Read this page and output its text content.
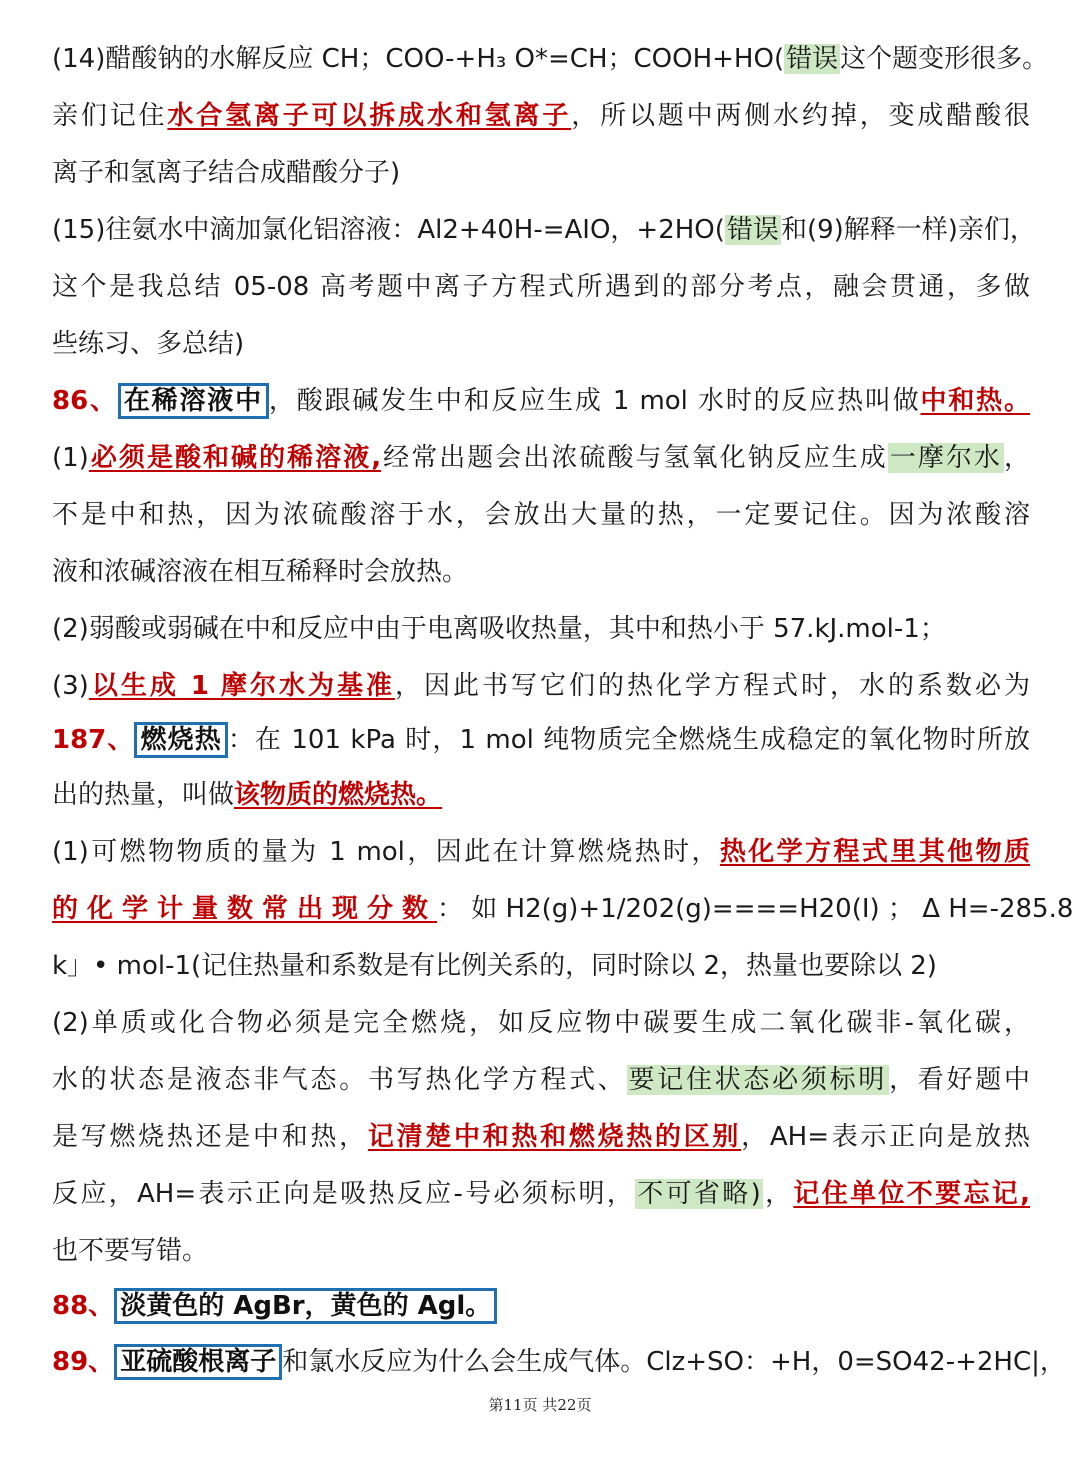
(14)醋酸钠的水解反应 CH；COO-+H₃ O*=CH；COOH+HO(错误这个题变形很多。
亲们记住水合氢离子可以拆成水和氢离子，所以题中两侧水约掉，变成醋酸很
离子和氢离子结合成醋酸分子)
(15)往氨水中滴加氯化铝溶液：Al2+40H-=AIO，+2HO(错误和(9)解释一样)亲们，
这个是我总结 05-08 高考题中离子方程式所遇到的部分考点，融会贯通，多做
些练习、多总结)
86、 在稀溶液中 ，酸跟碱发生中和反应生成 1 mol 水时的反应热叫做中和热。
(1)必须是酸和碱的稀溶液,经常出题会出浓硫酸与氢氧化钠反应生成一摩尔水，
不是中和热，因为浓硫酸溶于水，会放出大量的热，一定要记住。因为浓酸溶
液和浓碱溶液在相互稀释时会放热。
(2)弱酸或弱碱在中和反应中由于电离吸收热量，其中和热小于 57.kJ.mol-1；
(3)以生成 1 摩尔水为基准，因此书写它们的热化学方程式时，水的系数必为
187、 燃烧热 ：在 101 kPa 时，1 mol 纯物质完全燃烧生成稳定的氧化物时所放
出的热量，叫做该物质的燃烧热。
(1)可燃物物质的量为 1 mol，因此在计算燃烧热时，热化学方程式里其他物质
的化学计量数常出现分数： 如 H2(g)+1/202(g)====H20(I) ； Δ H=-285.8
k」• mol-1(记住热量和系数是有比例关系的，同时除以 2，热量也要除以 2)
(2)单质或化合物必须是完全燃烧，如反应物中碳要生成二氧化碳非-氧化碳，
水的状态是液态非气态。书写热化学方程式、要记住状态必须标明，看好题中
是写燃烧热还是中和热，记清楚中和热和燃烧热的区别，AH=表示正向是放热
反应，AH=表示正向是吸热反应-号必须标明，不可省略)，记住单位不要忘记,
也不要写错。
88、 淡黄色的 AgBr，黄色的 Agl。
89、 亚硫酸根离子 和氯水反应为什么会生成气体。Clz+SO：+H，0=SO42-+2HC|，
第11页 共22页
